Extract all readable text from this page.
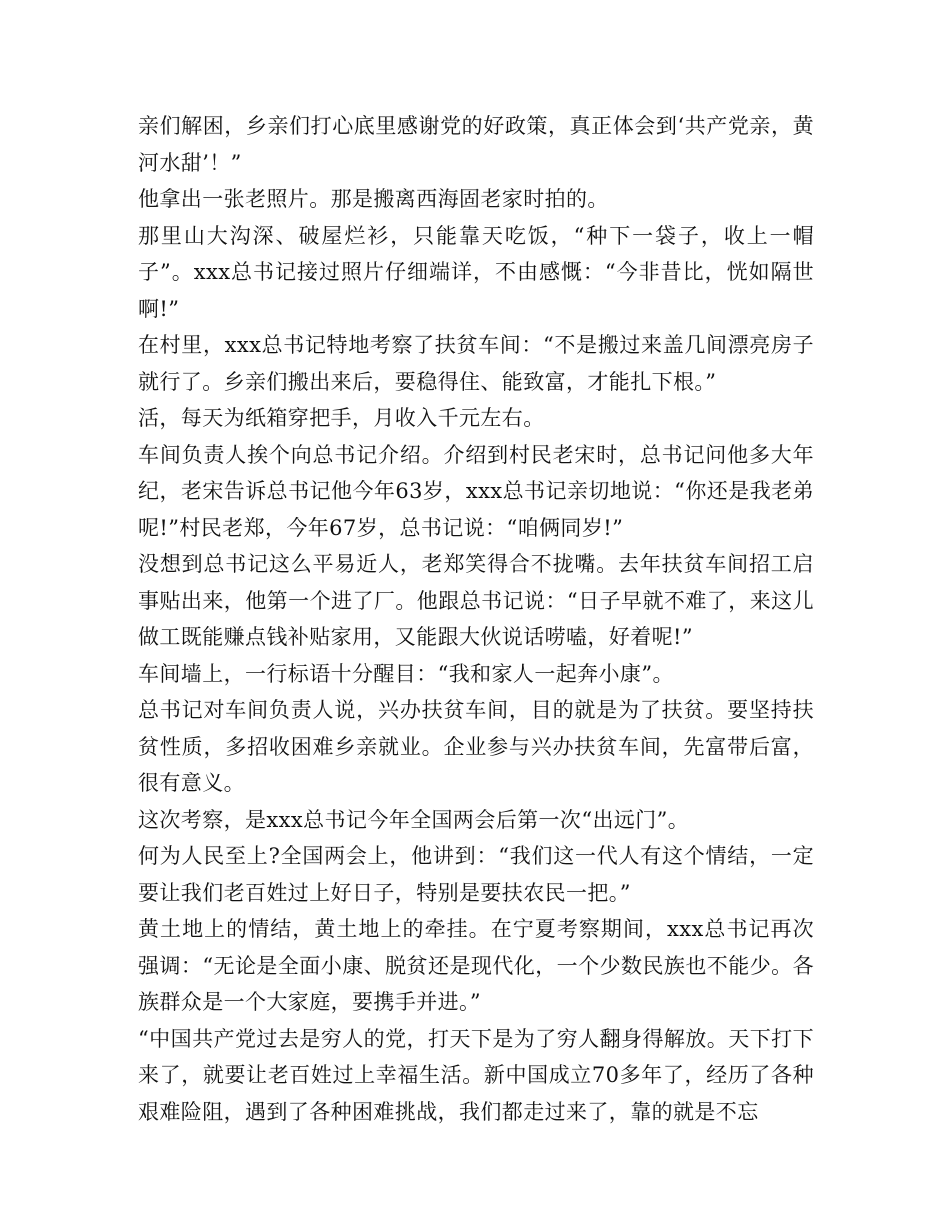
亲们解困，乡亲们打心底里感谢党的好政策，真正体会到‘共产党亲，黄河水甜’！”

他拿出一张老照片。那是搬离西海固老家时拍的。

那里山大沟深、破屋烂衫，只能靠天吃饭，“种下一袋子，收上一帽子”。xxx总书记接过照片仔细端详，不由感慨：“今非昔比，恍如隔世啊!”

在村里，xxx总书记特地考察了扶贫车间：“不是搬过来盖几间漂亮房子就行了。乡亲们搬出来后，要稳得住、能致富，才能扎下根。”

活，每天为纸箱穿把手，月收入千元左右。

车间负责人挨个向总书记介绍。介绍到村民老宋时，总书记问他多大年纪，老宋告诉总书记他今年63岁，xxx总书记亲切地说：“你还是我老弟呢!”村民老郑，今年67岁，总书记说：“咱俩同岁!”

没想到总书记这么平易近人，老郑笑得合不拢嘴。去年扶贫车间招工启事贴出来，他第一个进了厂。他跟总书记说：“日子早就不难了，来这儿做工既能赚点钱补贴家用，又能跟大伙说话唠嗑，好着呢!”

车间墙上，一行标语十分醒目：“我和家人一起奔小康”。

总书记对车间负责人说，兴办扶贫车间，目的就是为了扶贫。要坚持扶贫性质，多招收困难乡亲就业。企业参与兴办扶贫车间，先富带后富，很有意义。

这次考察，是xxx总书记今年全国两会后第一次“出远门”。

何为人民至上?全国两会上，他讲到：“我们这一代人有这个情结，一定要让我们老百姓过上好日子，特别是要扶农民一把。”

黄土地上的情结，黄土地上的牵挂。在宁夏考察期间，xxx总书记再次强调：“无论是全面小康、脱贫还是现代化，一个少数民族也不能少。各族群众是一个大家庭，要携手并进。”

“中国共产党过去是穷人的党，打天下是为了穷人翻身得解放。天下打下来了，就要让老百姓过上幸福生活。新中国成立70多年了，经历了各种艰难险阻，遇到了各种困难挑战，我们都走过来了，靠的就是不忘
